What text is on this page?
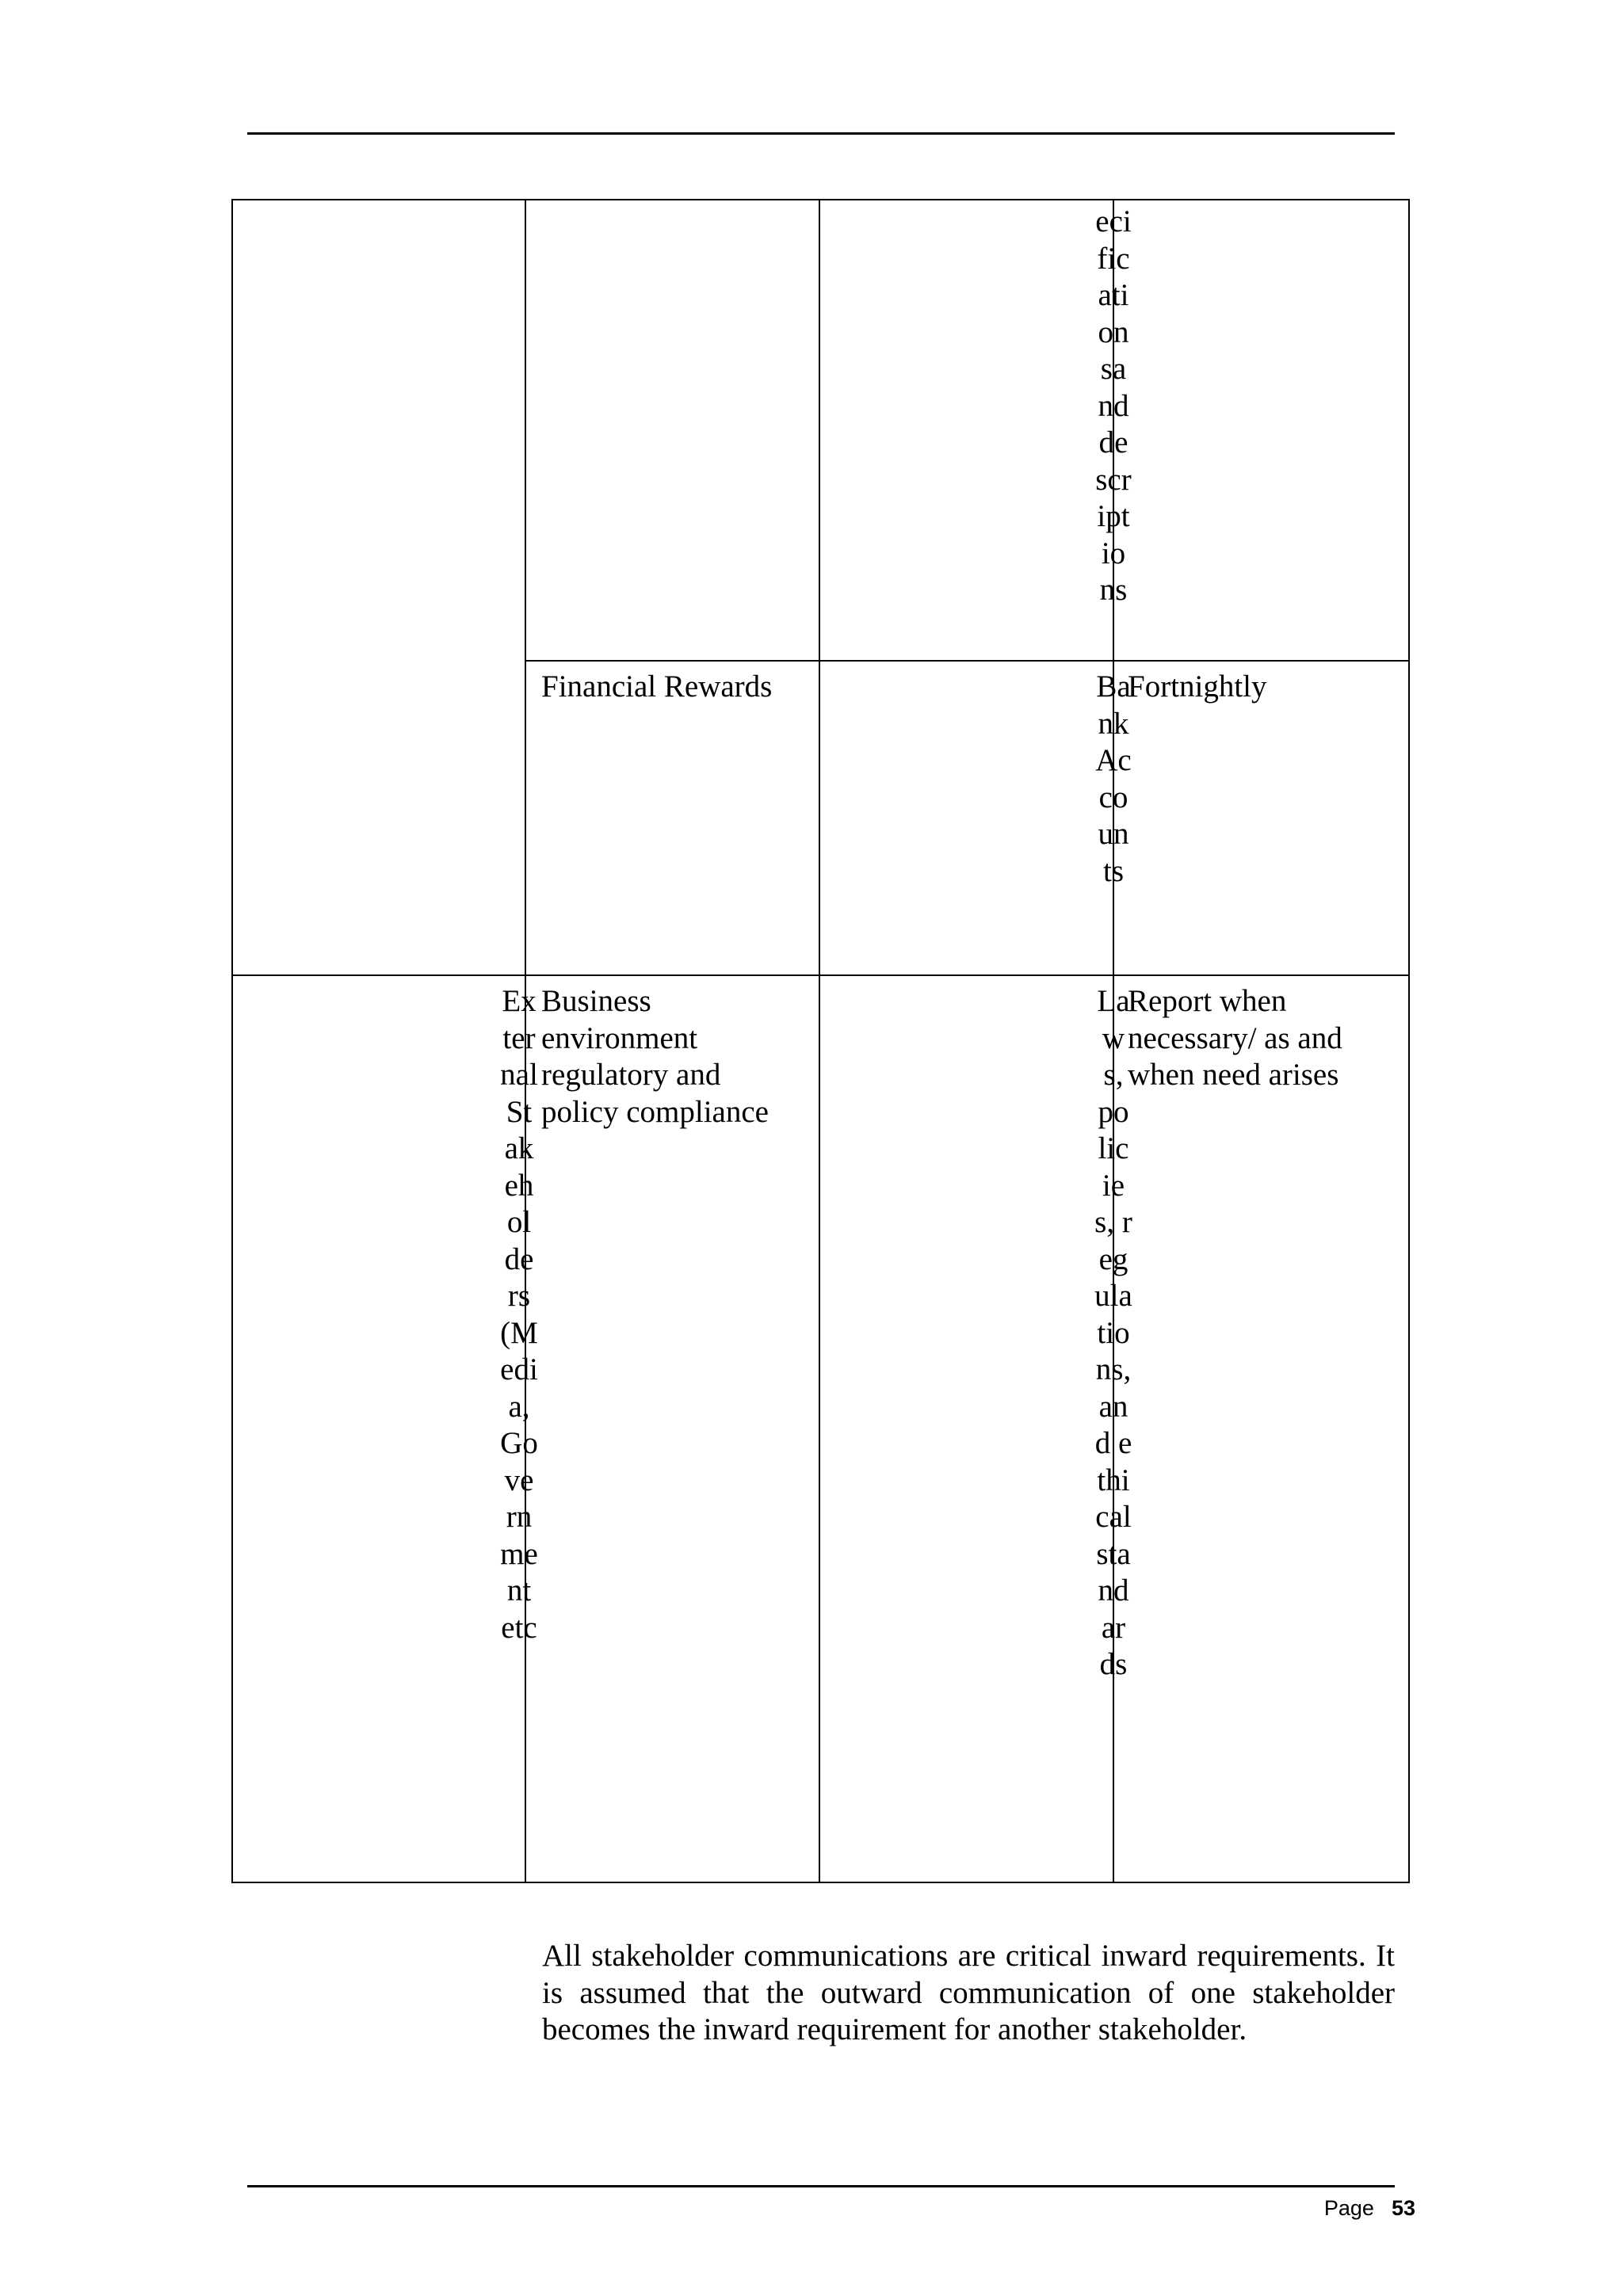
ecificationsanddescriptions
Financial Rewards	Bank Accounts
Fortnightly
External Stakeholders (Media, Government etc
Business environment regulatory and policy compliance
Laws, policies, regulations, and ethical standards
Report when necessary/ as and when need arises

All stakeholder communications are critical inward requirements. It is assumed that the outward communication of one stakeholder becomes the inward requirement for another stakeholder.

Page 53
